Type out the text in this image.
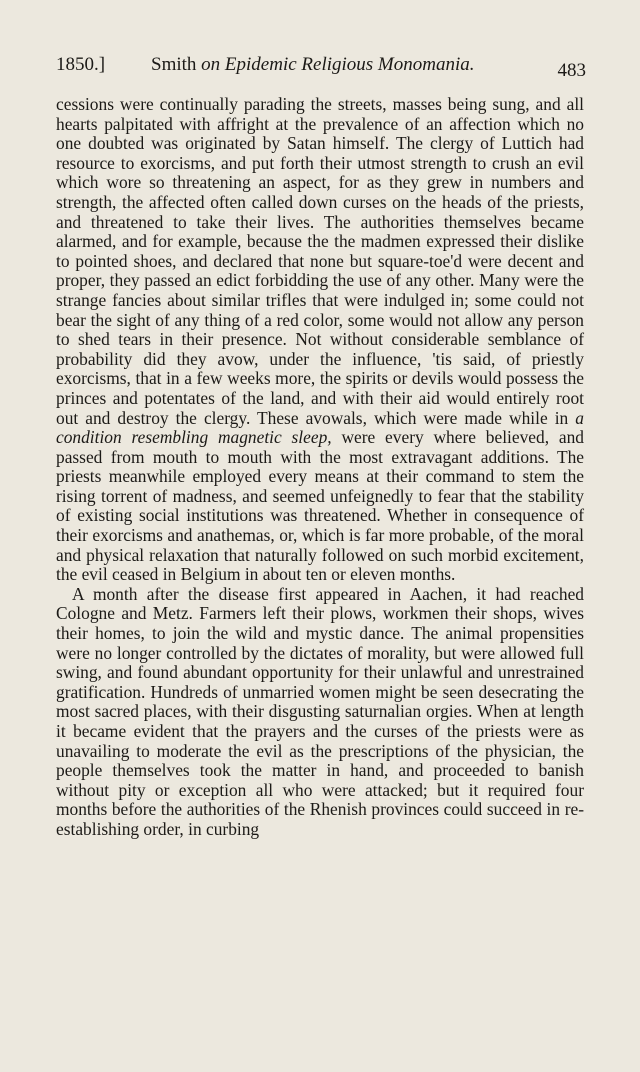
1850.] Smith on Epidemic Religious Monomania.	483

cessions were continually parading the streets, masses being sung, and all hearts palpitated with affright at the prevalence of an affection which no one doubted was originated by Satan himself. The clergy of Luttich had resource to exorcisms, and put forth their utmost strength to crush an evil which wore so threatening an aspect, for as they grew in numbers and strength, the affected often called down curses on the heads of the priests, and threatened to take their lives. The authorities themselves became alarmed, and for example, because the the madmen expressed their dislike to pointed shoes, and declared that none but square-toe'd were decent and proper, they passed an edict forbidding the use of any other. Many were the strange fancies about similar trifles that were indulged in; some could not bear the sight of any thing of a red color, some would not allow any person to shed tears in their presence. Not without considerable semblance of probability did they avow, under the influence, 'tis said, of priestly exorcisms, that in a few weeks more, the spirits or devils would possess the princes and potentates of the land, and with their aid would entirely root out and destroy the clergy. These avowals, which were made while in a condition resembling magnetic sleep, were every where believed, and passed from mouth to mouth with the most extravagant additions. The priests meanwhile employed every means at their command to stem the rising torrent of madness, and seemed unfeignedly to fear that the stability of existing social institutions was threatened. Whether in consequence of their exorcisms and anathemas, or, which is far more probable, of the moral and physical relaxation that naturally followed on such morbid excitement, the evil ceased in Belgium in about ten or eleven months.

A month after the disease first appeared in Aachen, it had reached Cologne and Metz. Farmers left their plows, workmen their shops, wives their homes, to join the wild and mystic dance. The animal propensities were no longer controlled by the dictates of morality, but were allowed full swing, and found abundant opportunity for their unlawful and unrestrained gratification. Hundreds of unmarried women might be seen desecrating the most sacred places, with their disgusting saturnalian orgies. When at length it became evident that the prayers and the curses of the priests were as unavailing to moderate the evil as the prescriptions of the physician, the people themselves took the matter in hand, and proceeded to banish without pity or exception all who were attacked; but it required four months before the authorities of the Rhenish provinces could succeed in re-establishing order, in curbing
